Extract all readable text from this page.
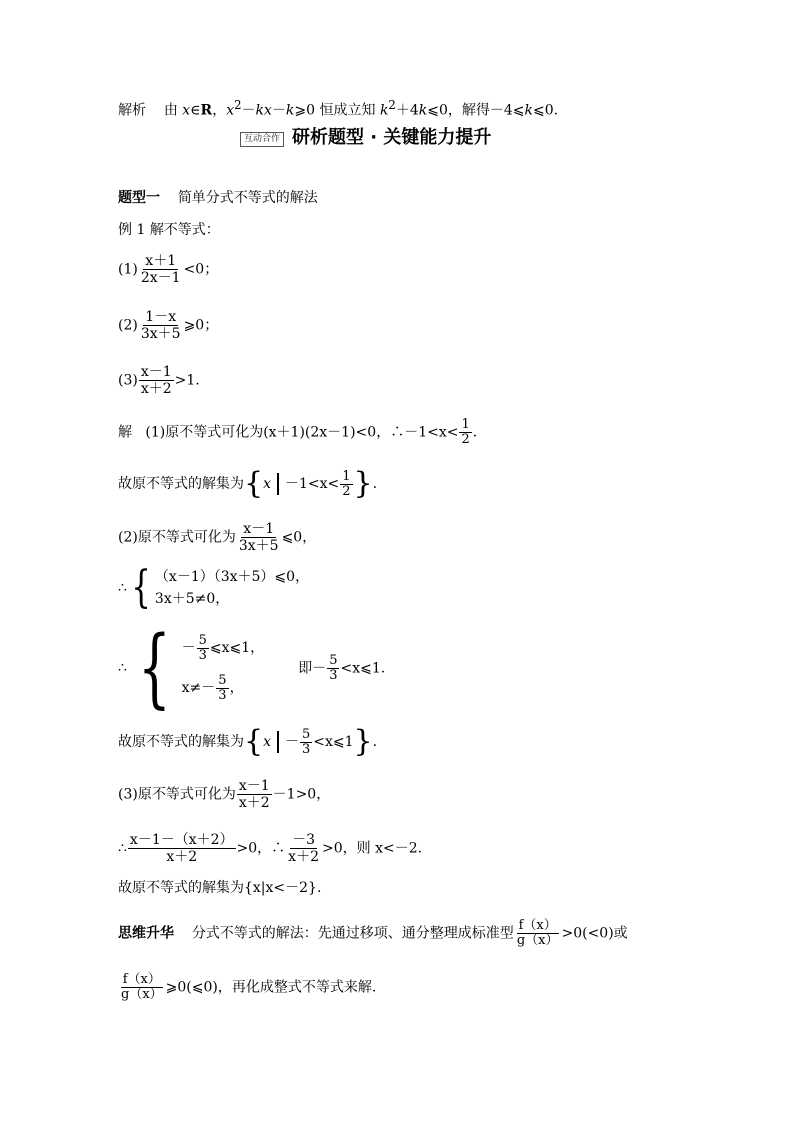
解析 由 x∈R，$x^2-kx-k⩾0$ 恒成立知 $k^2+4k⩽0$，解得－4⩽k⩽0.
互动合作 研析题型 · 关键能力提升
题型一 简单分式不等式的解法
例 1 解不等式：
$(1) \frac{x+1}{2x-1} <0$；
$(2) \frac{1-x}{3x+5}$ ⩾0；
$(3) \frac{x-1}{x+2} >1$.
解 (1)原不等式可化为(x＋1)(2x－1)<0，∴－1<x< $\frac{1}{2}$ .
故原不等式的解集为{$x -1<x< \frac{1}{2}$ }.
(2)原不等式可化为 $\frac{x-1}{3x+5}$ ⩽0，
∴ { （x－1）（3x＋5）⩽0，
3x＋5≠0，
∴ { － $\frac{5}{3}$ ⩽x⩽1，
$x\ne- \frac{5}{3}$ ，
即－ $\frac{5}{3}$ <x⩽1.
故原不等式的解集为{$x - \frac{5}{3}$ <x⩽1}.
(3)原不等式可化为 $\frac{x-1}{x+2} -1>0$，
∴ $\frac{x-1-(x+2)}{x+2} >0$，∴ $\frac{-3}{x+2} >0$，则 x<－2.
故原不等式的解集为{x|x<－2}.
思维升华 分式不等式的解法：先通过移项、通分整理成标准型 $\frac{f(x)}{g(x)} >0(<0)$或
$\frac{f(x)}{g(x)}$ ⩾0(⩽0)，再化成整式不等式来解.
